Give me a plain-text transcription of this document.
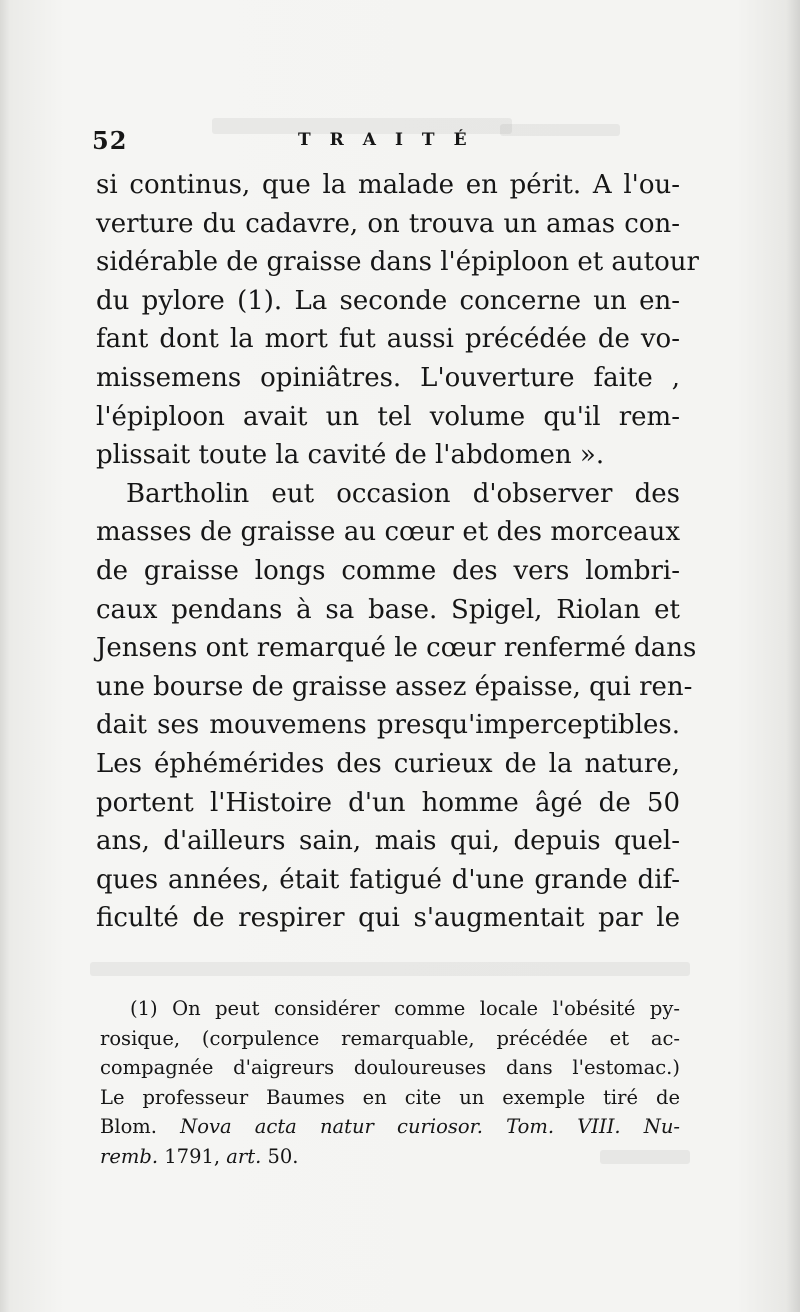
52	TRAITÉ
si continus, que la malade en périt. A l'ou-
verture du cadavre, on trouva un amas con-
sidérable de graisse dans l'épiploon et autour
du pylore (1). La seconde concerne un en-
fant dont la mort fut aussi précédée de vo-
missemens opiniâtres. L'ouverture faite ,
l'épiploon avait un tel volume qu'il rem-
plissait toute la cavité de l'abdomen ».
Bartholin eut occasion d'observer des
masses de graisse au cœur et des morceaux
de graisse longs comme des vers lombri-
caux pendans à sa base. Spigel, Riolan et
Jensens ont remarqué le cœur renfermé dans
une bourse de graisse assez épaisse, qui ren-
dait ses mouvemens presqu'imperceptibles.
Les éphémérides des curieux de la nature,
portent l'Histoire d'un homme âgé de 50
ans, d'ailleurs sain, mais qui, depuis quel-
ques années, était fatigué d'une grande dif-
ficulté de respirer qui s'augmentait par le
(1) On peut considérer comme locale l'obésité py-
rosique, (corpulence remarquable, précédée et ac-
compagnée d'aigreurs douloureuses dans l'estomac.)
Le professeur Baumes en cite un exemple tiré de
Blom. Nova acta natur curiosor. Tom. VIII. Nu-
remb. 1791, art. 50.
